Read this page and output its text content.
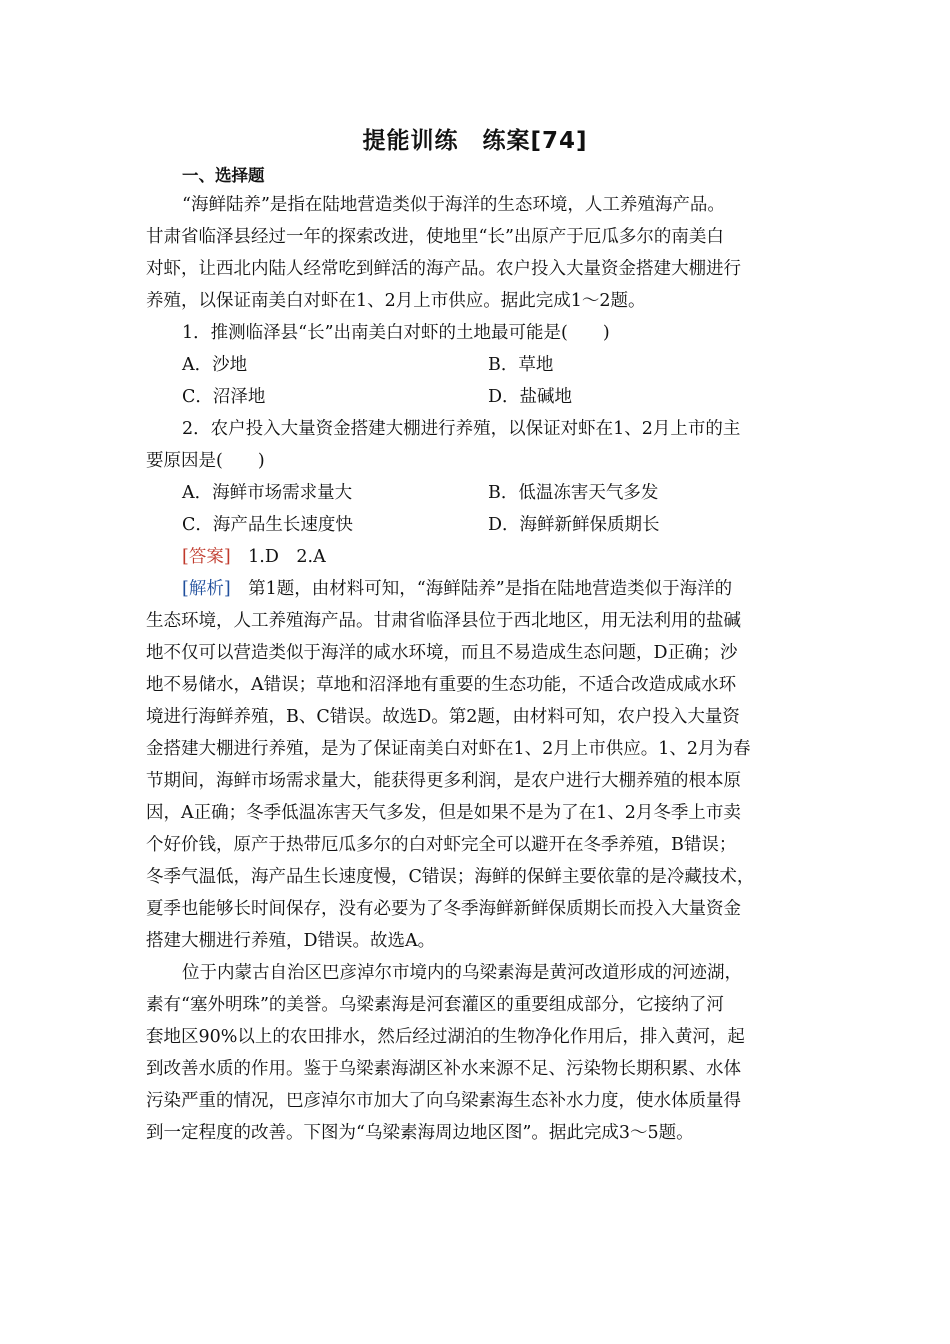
提能训练　练案[74]
一、选择题
“海鲜陆养”是指在陆地营造类似于海洋的生态环境，人工养殖海产品。
甘肃省临泽县经过一年的探索改进，使地里“长”出原产于厄瓜多尔的南美白
对虾，让西北内陆人经常吃到鲜活的海产品。农户投入大量资金搭建大棚进行
养殖，以保证南美白对虾在1、2月上市供应。据此完成1～2题。
1．推测临泽县“长”出南美白对虾的土地最可能是(　　)
A．沙地	B．草地
C．沼泽地	D．盐碱地
2．农户投入大量资金搭建大棚进行养殖，以保证对虾在1、2月上市的主
要原因是(　　)
A．海鲜市场需求量大	B．低温冻害天气多发
C．海产品生长速度快	D．海鲜新鲜保质期长
[答案]　1.D　2.A
[解析]　第1题，由材料可知，“海鲜陆养”是指在陆地营造类似于海洋的
生态环境，人工养殖海产品。甘肃省临泽县位于西北地区，用无法利用的盐碱
地不仅可以营造类似于海洋的咸水环境，而且不易造成生态问题，D正确；沙
地不易储水，A错误；草地和沼泽地有重要的生态功能，不适合改造成咸水环
境进行海鲜养殖，B、C错误。故选D。第2题，由材料可知，农户投入大量资
金搭建大棚进行养殖，是为了保证南美白对虾在1、2月上市供应。1、2月为春
节期间，海鲜市场需求量大，能获得更多利润，是农户进行大棚养殖的根本原
因，A正确；冬季低温冻害天气多发，但是如果不是为了在1、2月冬季上市卖
个好价钱，原产于热带厄瓜多尔的白对虾完全可以避开在冬季养殖，B错误；
冬季气温低，海产品生长速度慢，C错误；海鲜的保鲜主要依靠的是冷藏技术，
夏季也能够长时间保存，没有必要为了冬季海鲜新鲜保质期长而投入大量资金
搭建大棚进行养殖，D错误。故选A。
位于内蒙古自治区巴彦淖尔市境内的乌梁素海是黄河改道形成的河迹湖，
素有“塞外明珠”的美誉。乌梁素海是河套灌区的重要组成部分，它接纳了河
套地区90%以上的农田排水，然后经过湖泊的生物净化作用后，排入黄河，起
到改善水质的作用。鉴于乌梁素海湖区补水来源不足、污染物长期积累、水体
污染严重的情况，巴彦淖尔市加大了向乌梁素海生态补水力度，使水体质量得
到一定程度的改善。下图为“乌梁素海周边地区图”。据此完成3～5题。
